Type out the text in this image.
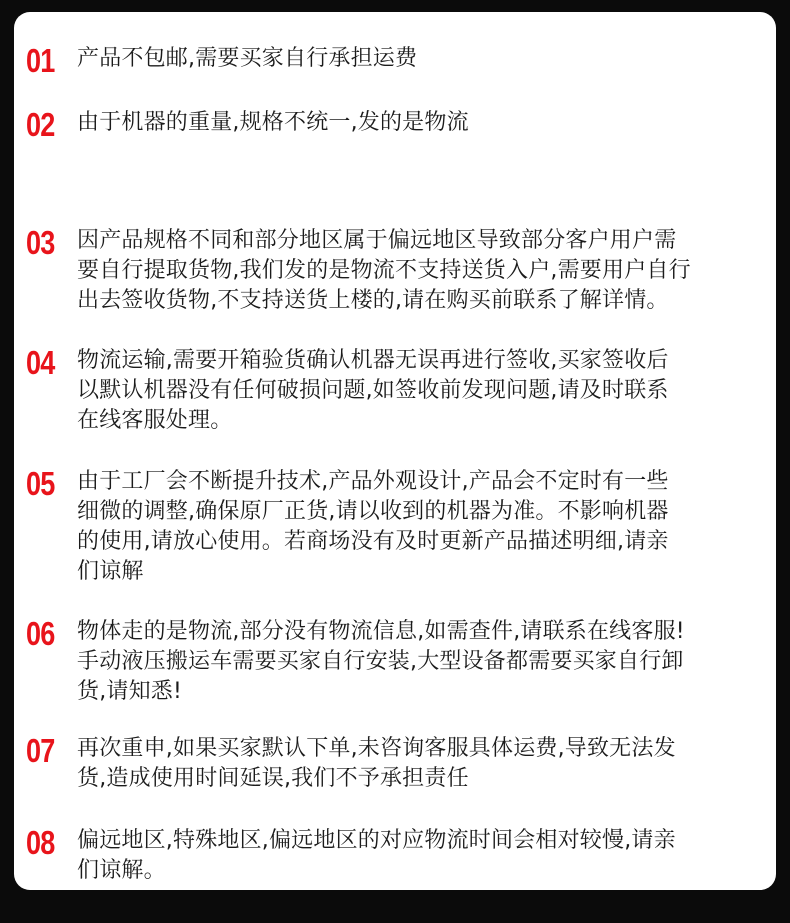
01	产品不包邮,需要买家自行承担运费
02	由于机器的重量,规格不统一,发的是物流
03	因产品规格不同和部分地区属于偏远地区导致部分客户用户需
要自行提取货物,我们发的是物流不支持送货入户,需要用户自行
出去签收货物,不支持送货上楼的,请在购买前联系了解详情。
04	物流运输,需要开箱验货确认机器无误再进行签收,买家签收后
以默认机器没有任何破损问题,如签收前发现问题,请及时联系
在线客服处理。
05	由于工厂会不断提升技术,产品外观设计,产品会不定时有一些
细微的调整,确保原厂正货,请以收到的机器为准。不影响机器
的使用,请放心使用。若商场没有及时更新产品描述明细,请亲
们谅解
06	物体走的是物流,部分没有物流信息,如需查件,请联系在线客服!
手动液压搬运车需要买家自行安装,大型设备都需要买家自行卸
货,请知悉!
07	再次重申,如果买家默认下单,未咨询客服具体运费,导致无法发
货,造成使用时间延误,我们不予承担责任
08	偏远地区,特殊地区,偏远地区的对应物流时间会相对较慢,请亲
们谅解。
